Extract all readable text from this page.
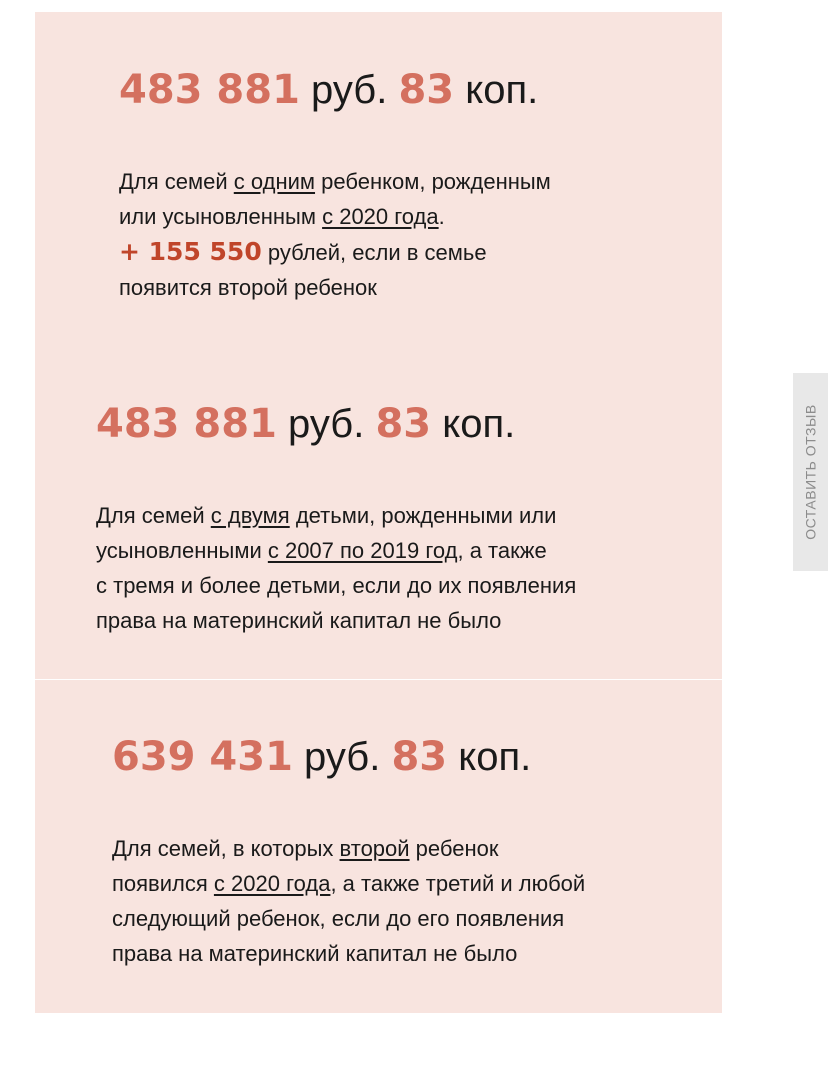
483 881 руб. 83 коп.
Для семей с одним ребенком, рожденным
или усыновленным с 2020 года.
+ 155 550 рублей, если в семье
появится второй ребенок
483 881 руб. 83 коп.
Для семей с двумя детьми, рожденными или
усыновленными с 2007 по 2019 год, а также
с тремя и более детьми, если до их появления
права на материнский капитал не было
639 431 руб. 83 коп.
Для семей, в которых второй ребенок
появился с 2020 года, а также третий и любой
следующий ребенок, если до его появления
права на материнский капитал не было
ОСТАВИТЬ ОТЗЫВ
